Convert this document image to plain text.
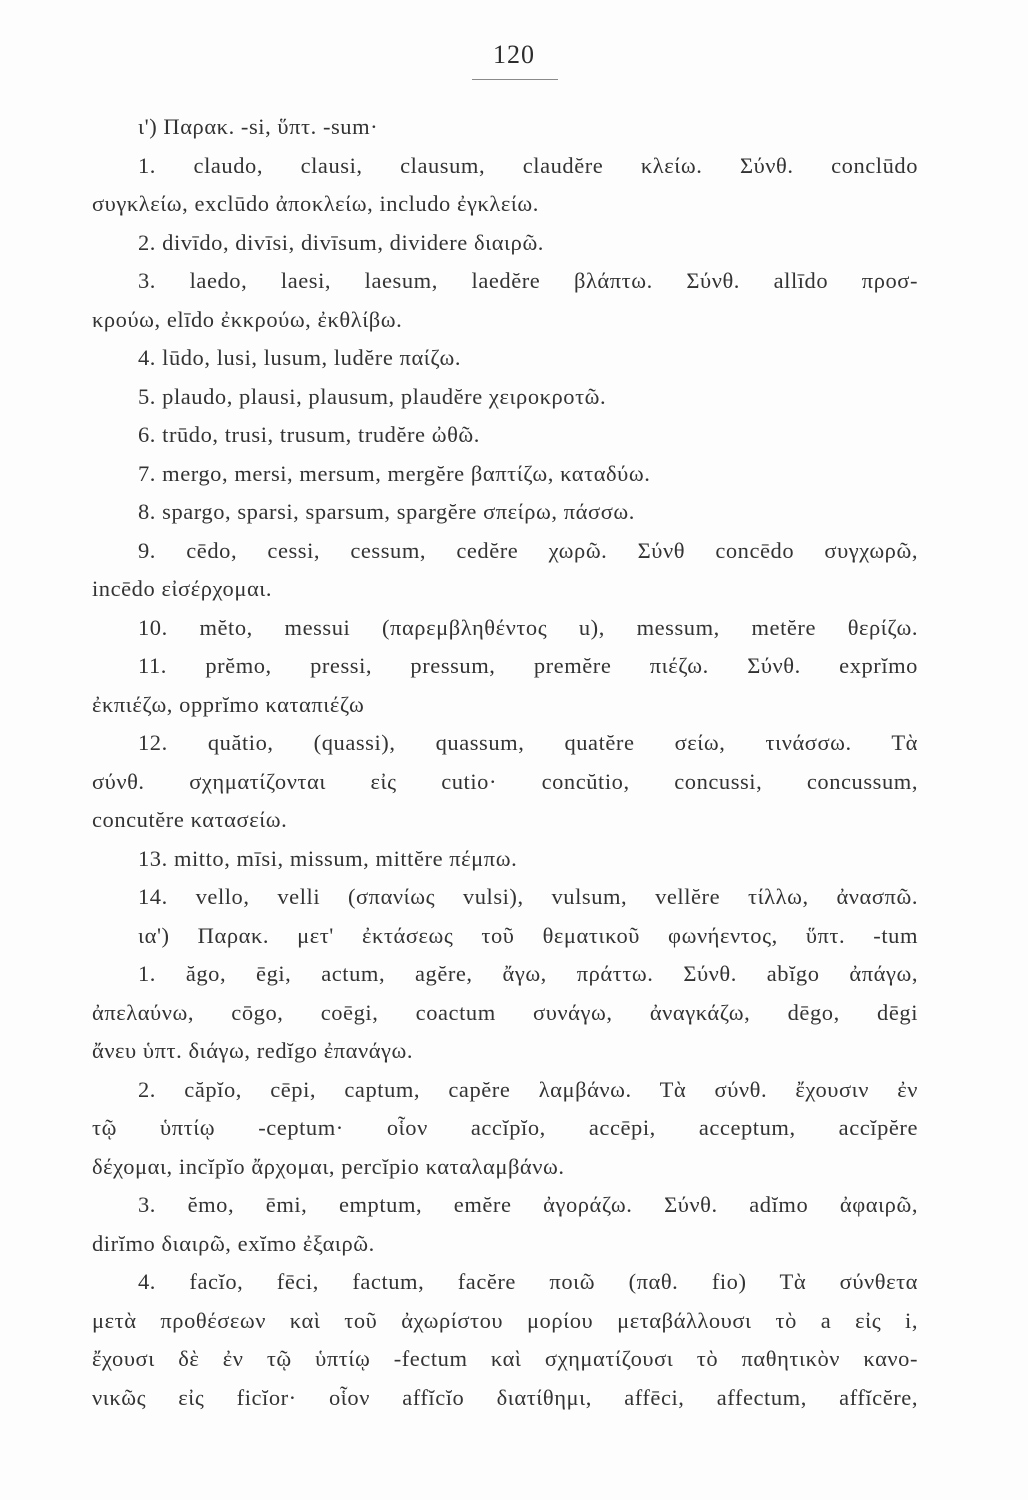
120
ι') Παρακ. -si, ὕπτ. -sum·
1. claudo, clausi, clausum, claudĕre κλείω. Σύνθ. conclūdo
συγκλείω, exclūdo ἀποκλείω, includo ἐγκλείω.
2. divīdo, divīsi, divīsum, dividere διαιρῶ.
3. laedo, laesi, laesum, laedĕre βλάπτω. Σύνθ. allīdo προσ-
κρούω, elīdo ἐκκρούω, ἐκθλίβω.
4. lūdo, lusi, lusum, ludĕre παίζω.
5. plaudo, plausi, plausum, plaudĕre χειροκροτῶ.
6. trūdo, trusi, trusum, trudĕre ὠθῶ.
7. mergo, mersi, mersum, mergĕre βαπτίζω, καταδύω.
8. spargo, sparsi, sparsum, spargĕre σπείρω, πάσσω.
9. cēdo, cessi, cessum, cedĕre χωρῶ. Σύνθ concēdo συγχωρῶ,
incēdo εἰσέρχομαι.
10. mĕto, messui (παρεμβληθέντος u), messum, metĕre θερίζω.
11. prĕmo, pressi, pressum, premĕre πιέζω. Σύνθ. exprĭmo
ἐκπιέζω, opprĭmo καταπιέζω
12. quătio, (quassi), quassum, quatĕre σείω, τινάσσω. Τὰ
σύνθ. σχηματίζονται εἰς cutio· concŭtio, concussi, concussum,
concutĕre κατασείω.
13. mitto, mīsi, missum, mittĕre πέμπω.
14. vello, velli (σπανίως vulsi), vulsum, vellĕre τίλλω, ἀνασπῶ.
ια') Παρακ. μετ' ἐκτάσεως τοῦ θεματικοῦ φωνήεντος, ὕπτ. -tum
1. ăgo, ēgi, actum, agĕre, ἄγω, πράττω. Σύνθ. abĭgo ἀπάγω,
ἀπελαύνω, cōgo, coēgi, coactum συνάγω, ἀναγκάζω, dēgo, dēgi
ἄνευ ὑπτ. διάγω, redĭgo ἐπανάγω.
2. căpĭo, cēpi, captum, capĕre λαμβάνω. Τὰ σύνθ. ἔχουσιν ἐν
τῷ ὑπτίῳ -ceptum· οἷον accĭpĭo, accēpi, acceptum, accĭpĕre
δέχομαι, incĭpĭo ἄρχομαι, percĭpio καταλαμβάνω.
3. ĕmo, ēmi, emptum, emĕre ἀγοράζω. Σύνθ. adĭmo ἀφαιρῶ,
dirĭmo διαιρῶ, exĭmo ἐξαιρῶ.
4. facĭo, fēci, factum, facĕre ποιῶ (παθ. fio) Τὰ σύνθετα
μετὰ προθέσεων καὶ τοῦ ἀχωρίστου μορίου μεταβάλλουσι τὸ a εἰς i,
ἔχουσι δὲ ἐν τῷ ὑπτίῳ -fectum καὶ σχηματίζουσι τὸ παθητικὸν κανο-
νικῶς εἰς ficĭor· οἷον affĭcĭo διατίθημι, affēci, affectum, affĭcĕre,
